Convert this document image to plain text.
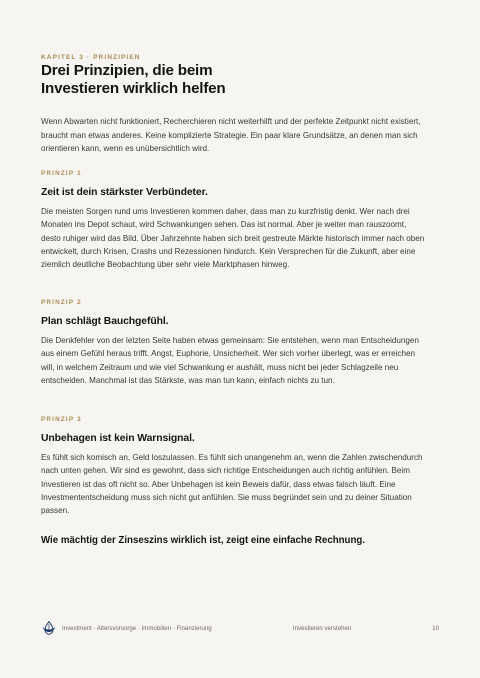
KAPITEL 3 · PRINZIPIEN

Drei Prinzipien, die beim
Investieren wirklich helfen

Wenn Abwarten nicht funktioniert, Recherchieren nicht weiterhilft und der perfekte Zeitpunkt nicht existiert, braucht man etwas anderes. Keine komplizierte Strategie. Ein paar klare Grundsätze, an denen man sich orientieren kann, wenn es unübersichtlich wird.

PRINZIP 1

Zeit ist dein stärkster Verbündeter.

Die meisten Sorgen rund ums Investieren kommen daher, dass man zu kurzfristig denkt. Wer nach drei Monaten ins Depot schaut, wird Schwankungen sehen. Das ist normal. Aber je weiter man rauszoomt, desto ruhiger wird das Bild. Über Jahrzehnte haben sich breit gestreute Märkte historisch immer nach oben entwickelt, durch Krisen, Crashs und Rezessionen hindurch. Kein Versprechen für die Zukunft, aber eine ziemlich deutliche Beobachtung über sehr viele Marktphasen hinweg.

PRINZIP 2

Plan schlägt Bauchgefühl.

Die Denkfehler von der letzten Seite haben etwas gemeinsam: Sie entstehen, wenn man Entscheidungen aus einem Gefühl heraus trifft. Angst, Euphorie, Unsicherheit. Wer sich vorher überlegt, was er erreichen will, in welchem Zeitraum und wie viel Schwankung er aushält, muss nicht bei jeder Schlagzeile neu entscheiden. Manchmal ist das Stärkste, was man tun kann, einfach nichts zu tun.

PRINZIP 3

Unbehagen ist kein Warnsignal.

Es fühlt sich komisch an, Geld loszulassen. Es fühlt sich unangenehm an, wenn die Zahlen zwischendurch nach unten gehen. Wir sind es gewohnt, dass sich richtige Entscheidungen auch richtig anfühlen. Beim Investieren ist das oft nicht so. Aber Unbehagen ist kein Beweis dafür, dass etwas falsch läuft. Eine Investmententscheidung muss sich nicht gut anfühlen. Sie muss begründet sein und zu deiner Situation passen.

Wie mächtig der Zinseszins wirklich ist, zeigt eine einfache Rechnung.

Investment · Altersvorsorge · Immobilien · Finanzierung	Investieren verstehen	10
